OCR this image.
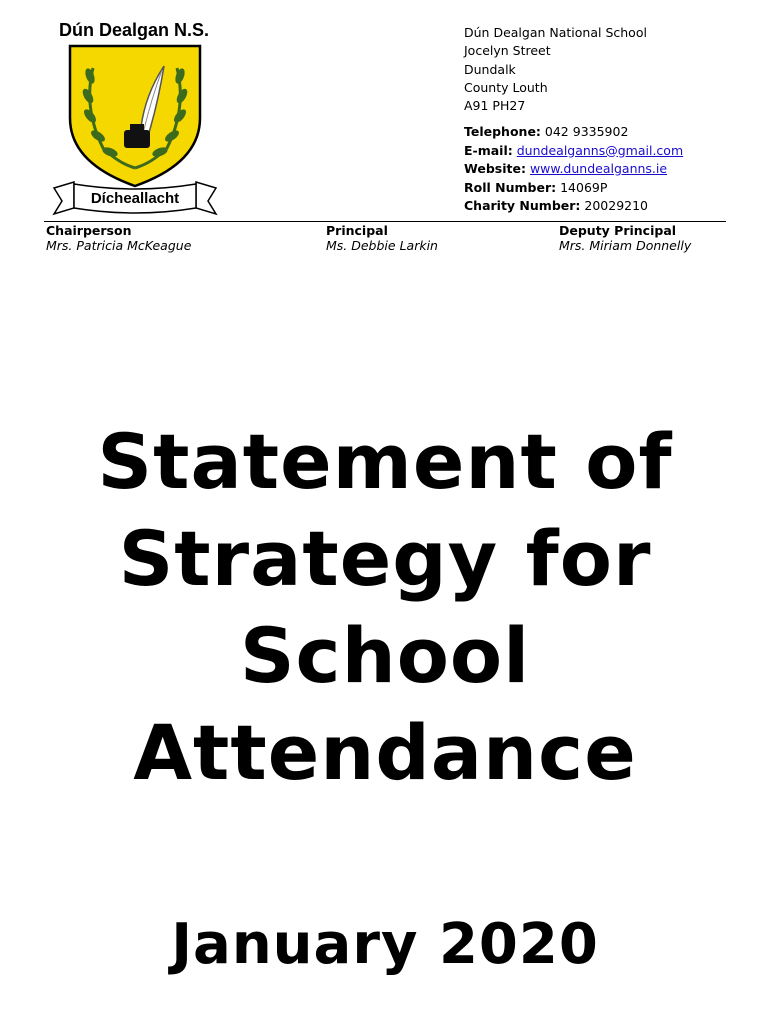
Dún Dealgan N.S.
Dícheallacht
Dún Dealgan National School
Jocelyn Street
Dundalk
County Louth
A91 PH27
Telephone: 042 9335902
E-mail: dundealganns@gmail.com
Website: www.dundealganns.ie
Roll Number: 14069P
Charity Number: 20029210
Chairperson
Mrs. Patricia McKeague
Principal
Ms. Debbie Larkin
Deputy Principal
Mrs. Miriam Donnelly
Statement of
Strategy for
School
Attendance
January 2020
